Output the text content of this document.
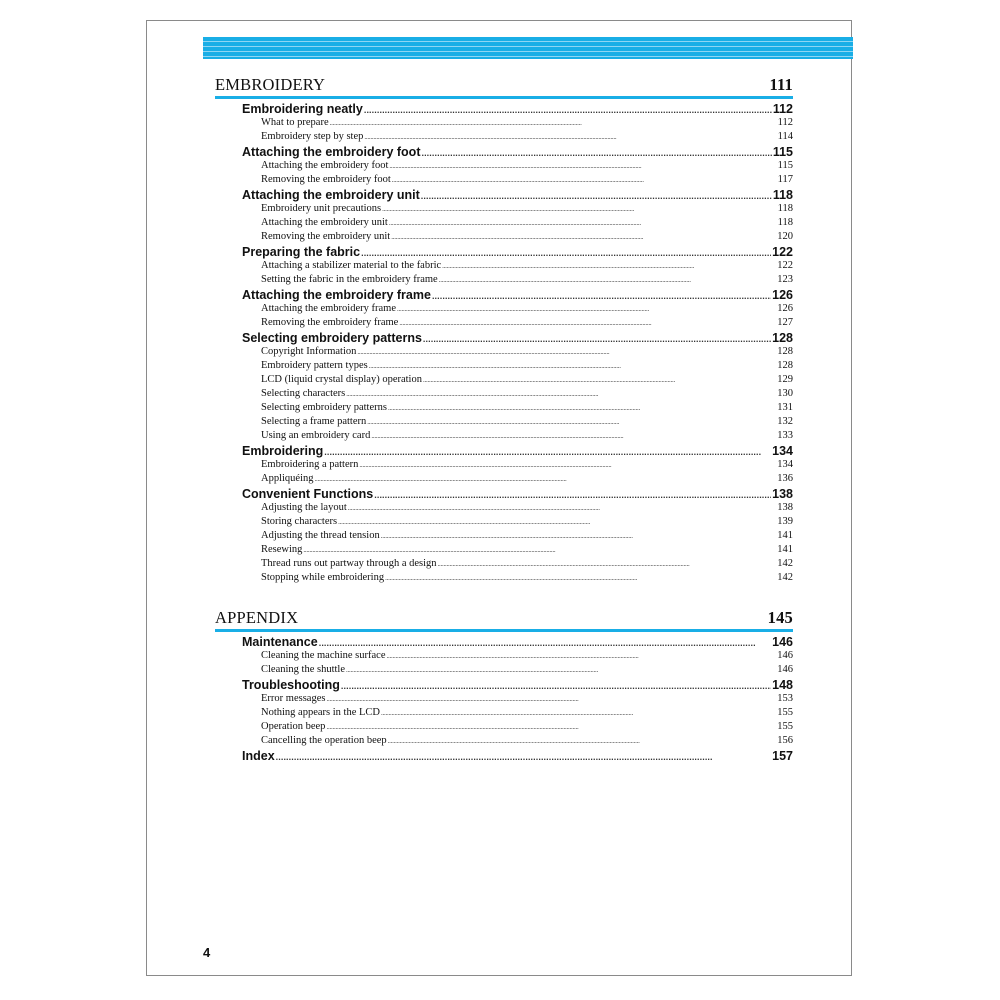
EMBROIDERY	111
Embroidering neatly . . .	112
What to prepare . . .	112
Embroidery step by step . . .	114
Attaching the embroidery foot . . .	115
Attaching the embroidery foot . . .	115
Removing the embroidery foot . . .	117
Attaching the embroidery unit . . .	118
Embroidery unit precautions . . .	118
Attaching the embroidery unit . . .	118
Removing the embroidery unit . . .	120
Preparing the fabric . . .	122
Attaching a stabilizer material to the fabric . . .	122
Setting the fabric in the embroidery frame . . .	123
Attaching the embroidery frame . . .	126
Attaching the embroidery frame . . .	126
Removing the embroidery frame . . .	127
Selecting embroidery patterns . . .	128
Copyright Information . . .	128
Embroidery pattern types . . .	128
LCD (liquid crystal display) operation . . .	129
Selecting characters . . .	130
Selecting embroidery patterns . . .	131
Selecting a frame pattern . . .	132
Using an embroidery card . . .	133
Embroidering . . .	134
Embroidering a pattern . . .	134
Appliquéing . . .	136
Convenient Functions . . .	138
Adjusting the layout . . .	138
Storing characters . . .	139
Adjusting the thread tension . . .	141
Resewing . . .	141
Thread runs out partway through a design . . .	142
Stopping while embroidering . . .	142
APPENDIX	145
Maintenance . . .	146
Cleaning the machine surface . . .	146
Cleaning the shuttle . . .	146
Troubleshooting . . .	148
Error messages . . .	153
Nothing appears in the LCD . . .	155
Operation beep . . .	155
Cancelling the operation beep . . .	156
Index . . .	157
4
